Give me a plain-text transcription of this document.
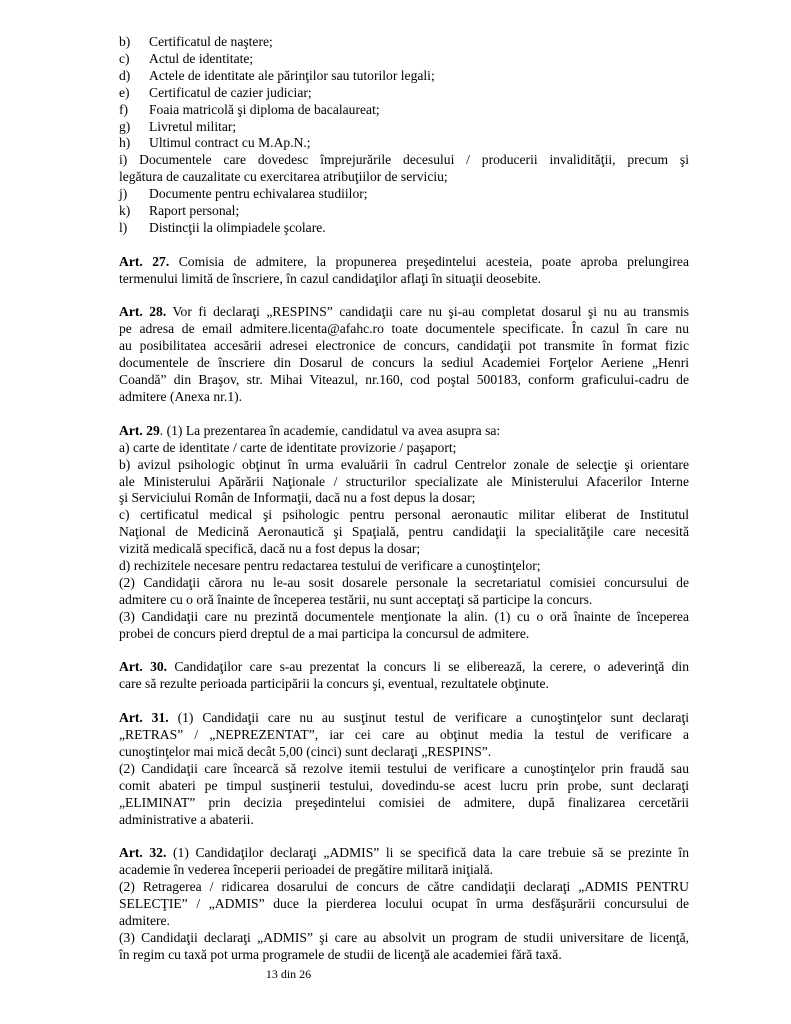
b)	Certificatul de naştere;
c)	Actul de identitate;
d)	Actele de identitate ale părinţilor sau tutorilor legali;
e)	Certificatul de cazier judiciar;
f)	Foaia matricolă şi diploma de bacalaureat;
g)	Livretul militar;
h)	Ultimul contract cu M.Ap.N.;
i) Documentele care dovedesc împrejurările decesului / producerii invalidităţii, precum şi
legătura de cauzalitate cu exercitarea atribuţiilor de serviciu;
j)	Documente pentru echivalarea studiilor;
k)	Raport personal;
l)	Distincţii la olimpiadele şcolare.
Art. 27. Comisia de admitere, la propunerea preşedintelui acesteia, poate aproba prelungirea
termenului limită de înscriere, în cazul candidaţilor aflaţi în situaţii deosebite.
Art. 28. Vor fi declaraţi „RESPINS” candidaţii care nu şi-au completat dosarul şi nu au transmis
pe adresa de email admitere.licenta@afahc.ro toate documentele specificate. În cazul în care nu
au posibilitatea accesării adresei electronice de concurs, candidaţii pot transmite în format fizic
documentele de înscriere din Dosarul de concurs la sediul Academiei Forţelor Aeriene „Henri
Coandă” din Braşov, str. Mihai Viteazul, nr.160, cod poştal 500183, conform graficului-cadru de
admitere (Anexa nr.1).
Art. 29. (1) La prezentarea în academie, candidatul va avea asupra sa:
a) carte de identitate / carte de identitate provizorie / paşaport;
b) avizul psihologic obţinut în urma evaluării în cadrul Centrelor zonale de selecţie şi orientare
ale Ministerului Apărării Naţionale / structurilor specializate ale Ministerului Afacerilor Interne
şi Serviciului Român de Informaţii, dacă nu a fost depus la dosar;
c) certificatul medical şi psihologic pentru personal aeronautic militar eliberat de Institutul
Naţional de Medicină Aeronautică şi Spaţială, pentru candidaţii la specialităţile care necesită
vizită medicală specifică, dacă nu a fost depus la dosar;
d) rechizitele necesare pentru redactarea testului de verificare a cunoştinţelor;
(2) Candidaţii cărora nu le-au sosit dosarele personale la secretariatul comisiei concursului de
admitere cu o oră înainte de începerea testării, nu sunt acceptaţi să participe la concurs.
(3) Candidaţii care nu prezintă documentele menţionate la alin. (1) cu o oră înainte de începerea
probei de concurs pierd dreptul de a mai participa la concursul de admitere.
Art. 30. Candidaţilor care s-au prezentat la concurs li se eliberează, la cerere, o adeverinţă din
care să rezulte perioada participării la concurs şi, eventual, rezultatele obţinute.
Art. 31. (1) Candidaţii care nu au susţinut testul de verificare a cunoştinţelor sunt declaraţi
„RETRAS” / „NEPREZENTAT”, iar cei care au obţinut media la testul de verificare a
cunoştinţelor mai mică decât 5,00 (cinci) sunt declaraţi „RESPINS”.
(2) Candidaţii care încearcă să rezolve itemii testului de verificare a cunoştinţelor prin fraudă sau
comit abateri pe timpul susţinerii testului, dovedindu-se acest lucru prin probe, sunt declaraţi
„ELIMINAT” prin decizia preşedintelui comisiei de admitere, după finalizarea cercetării
administrative a abaterii.
Art. 32. (1) Candidaţilor declaraţi „ADMIS” li se specifică data la care trebuie să se prezinte în
academie în vederea începerii perioadei de pregătire militară iniţială.
(2) Retragerea / ridicarea dosarului de concurs de către candidaţii declaraţi „ADMIS PENTRU
SELECŢIE” / „ADMIS” duce la pierderea locului ocupat în urma desfăşurării concursului de
admitere.
(3) Candidaţii declaraţi „ADMIS” şi care au absolvit un program de studii universitare de licenţă,
în regim cu taxă pot urma programele de studii de licenţă ale academiei fără taxă.
13 din 26
